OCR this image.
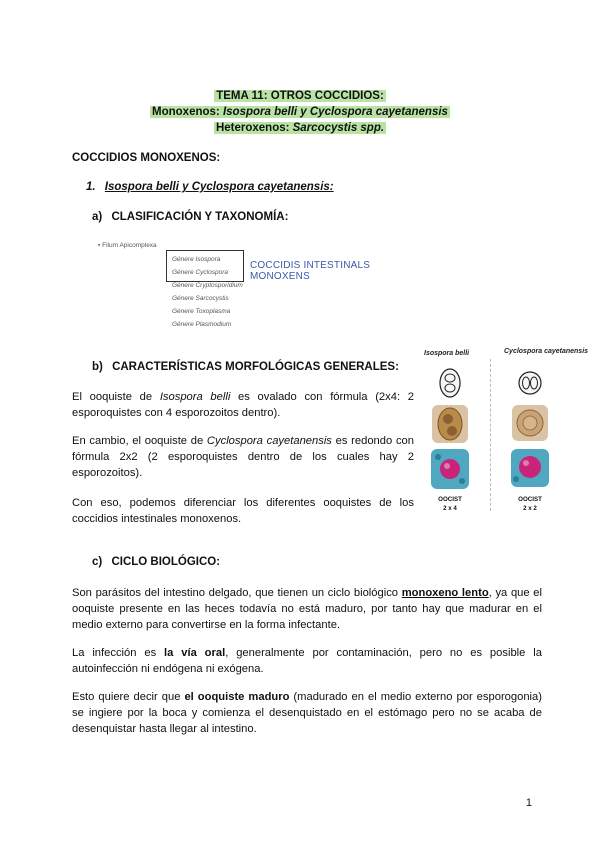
TEMA 11: OTROS COCCIDIOS:
Monoxenos: Isospora belli y Cyclospora cayetanensis
Heteroxenos: Sarcocystis spp.
COCCIDIOS MONOXENOS:
1. Isospora belli y Cyclospora cayetanensis:
a) CLASIFICACIÓN Y TAXONOMÍA:
▪ Filum Apicomplexa
Génere Isospora
Génere Cyclospora
Génere Cryptosporidium
Génere Sarcocystis
Génere Toxoplasma
Génere Plasmodium
COCCIDIS INTESTINALS MONOXENS
b) CARACTERÍSTICAS MORFOLÓGICAS GENERALES:
El ooquiste de Isospora belli es ovalado con fórmula (2x4: 2 esporoquistes con 4 esporozoitos dentro).
En cambio, el ooquiste de Cyclospora cayetanensis es redondo con fórmula 2x2 (2 esporoquistes dentro de los cuales hay 2 esporozoitos).
Con eso, podemos diferenciar los diferentes ooquistes de los coccidios intestinales monoxenos.
Isospora belli	Cyclospora cayetanensis
OOCIST
2 x 4
OOCIST
2 x 2
c) CICLO BIOLÓGICO:
Son parásitos del intestino delgado, que tienen un ciclo biológico monoxeno lento, ya que el ooquiste presente en las heces todavía no está maduro, por tanto hay que madurar en el medio externo para convertirse en la forma infectante.
La infección es la vía oral, generalmente por contaminación, pero no es posible la autoinfección ni endógena ni exógena.
Esto quiere decir que el ooquiste maduro (madurado en el medio externo por esporogonia) se ingiere por la boca y comienza el desenquistado en el estómago pero no se acaba de desenquistar hasta llegar al intestino.
1
